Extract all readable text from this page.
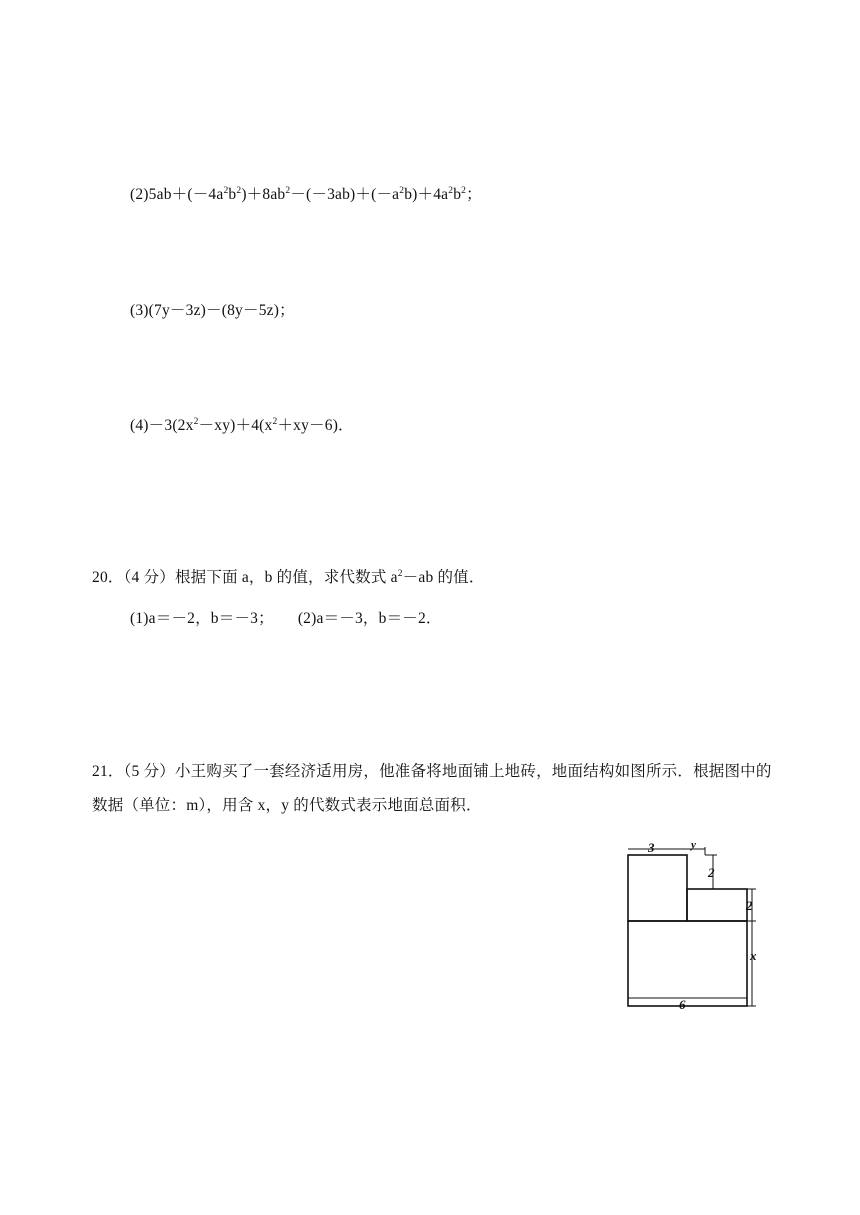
$(2)5ab+(-4a^2b^2)+8ab^2-(-3ab)+(-a^2b)+4a^2b^2$；
(3)(7y－3z)－(8y－5z)；
$(4)-3(2x^2-xy)+4(x^2+xy-6)$．
20．（4 分）根据下面 a，b 的值，求代数式 $a^2-ab$ 的值．
(1)a＝－2，b＝－3； (2)a＝－3，b＝－2．
21．（5 分）小王购买了一套经济适用房，他准备将地面铺上地砖，地面结构如图所示．根据图中的数据（单位：m），用含 x，y 的代数式表示地面总面积．
3	y
2
2
x
6
